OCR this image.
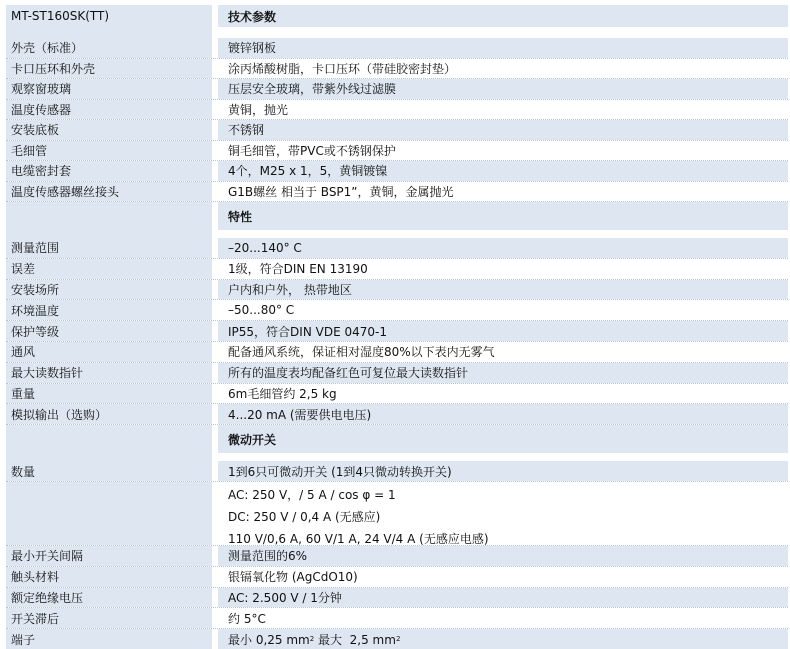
MT-ST160SK(TT)	技术参数
外壳（标准）	镀锌钢板
卡口压环和外壳	涂丙烯酸树脂，卡口压环（带硅胶密封垫）
观察窗玻璃	压层安全玻璃，带紫外线过滤膜
温度传感器	黄铜，抛光
安装底板	不锈钢
毛细管	铜毛细管，带PVC或不锈钢保护
电缆密封套	4个，M25 x 1，5，黄铜镀镍
温度传感器螺丝接头	G1B螺丝 相当于 BSP1”，黄铜，金属抛光
特性
测量范围	–20...140° C
误差	1级，符合DIN EN 13190
安装场所	户内和户外， 热带地区
环境温度	–50...80° C
保护等级	IP55，符合DIN VDE 0470-1
通风	配备通风系统，保证相对湿度80%以下表内无雾气
最大读数指针	所有的温度表均配备红色可复位最大读数指针
重量	6m毛细管约 2,5 kg
模拟输出（选购）	4...20 mA (需要供电电压)
微动开关
数量	1到6只可微动开关 (1到4只微动转换开关)
AC: 250 V，/ 5 A / cos φ = 1
DC: 250 V / 0,4 A (无感应)
110 V/0,6 A, 60 V/1 A, 24 V/4 A (无感应电感)
最小开关间隔	测量范围的6%
触头材料	银镉氧化物 (AgCdO10)
额定绝缘电压	AC: 2.500 V / 1分钟
开关滞后	约 5°C
端子	最小 0,25 mm 2 最大  2,5 mm 2
